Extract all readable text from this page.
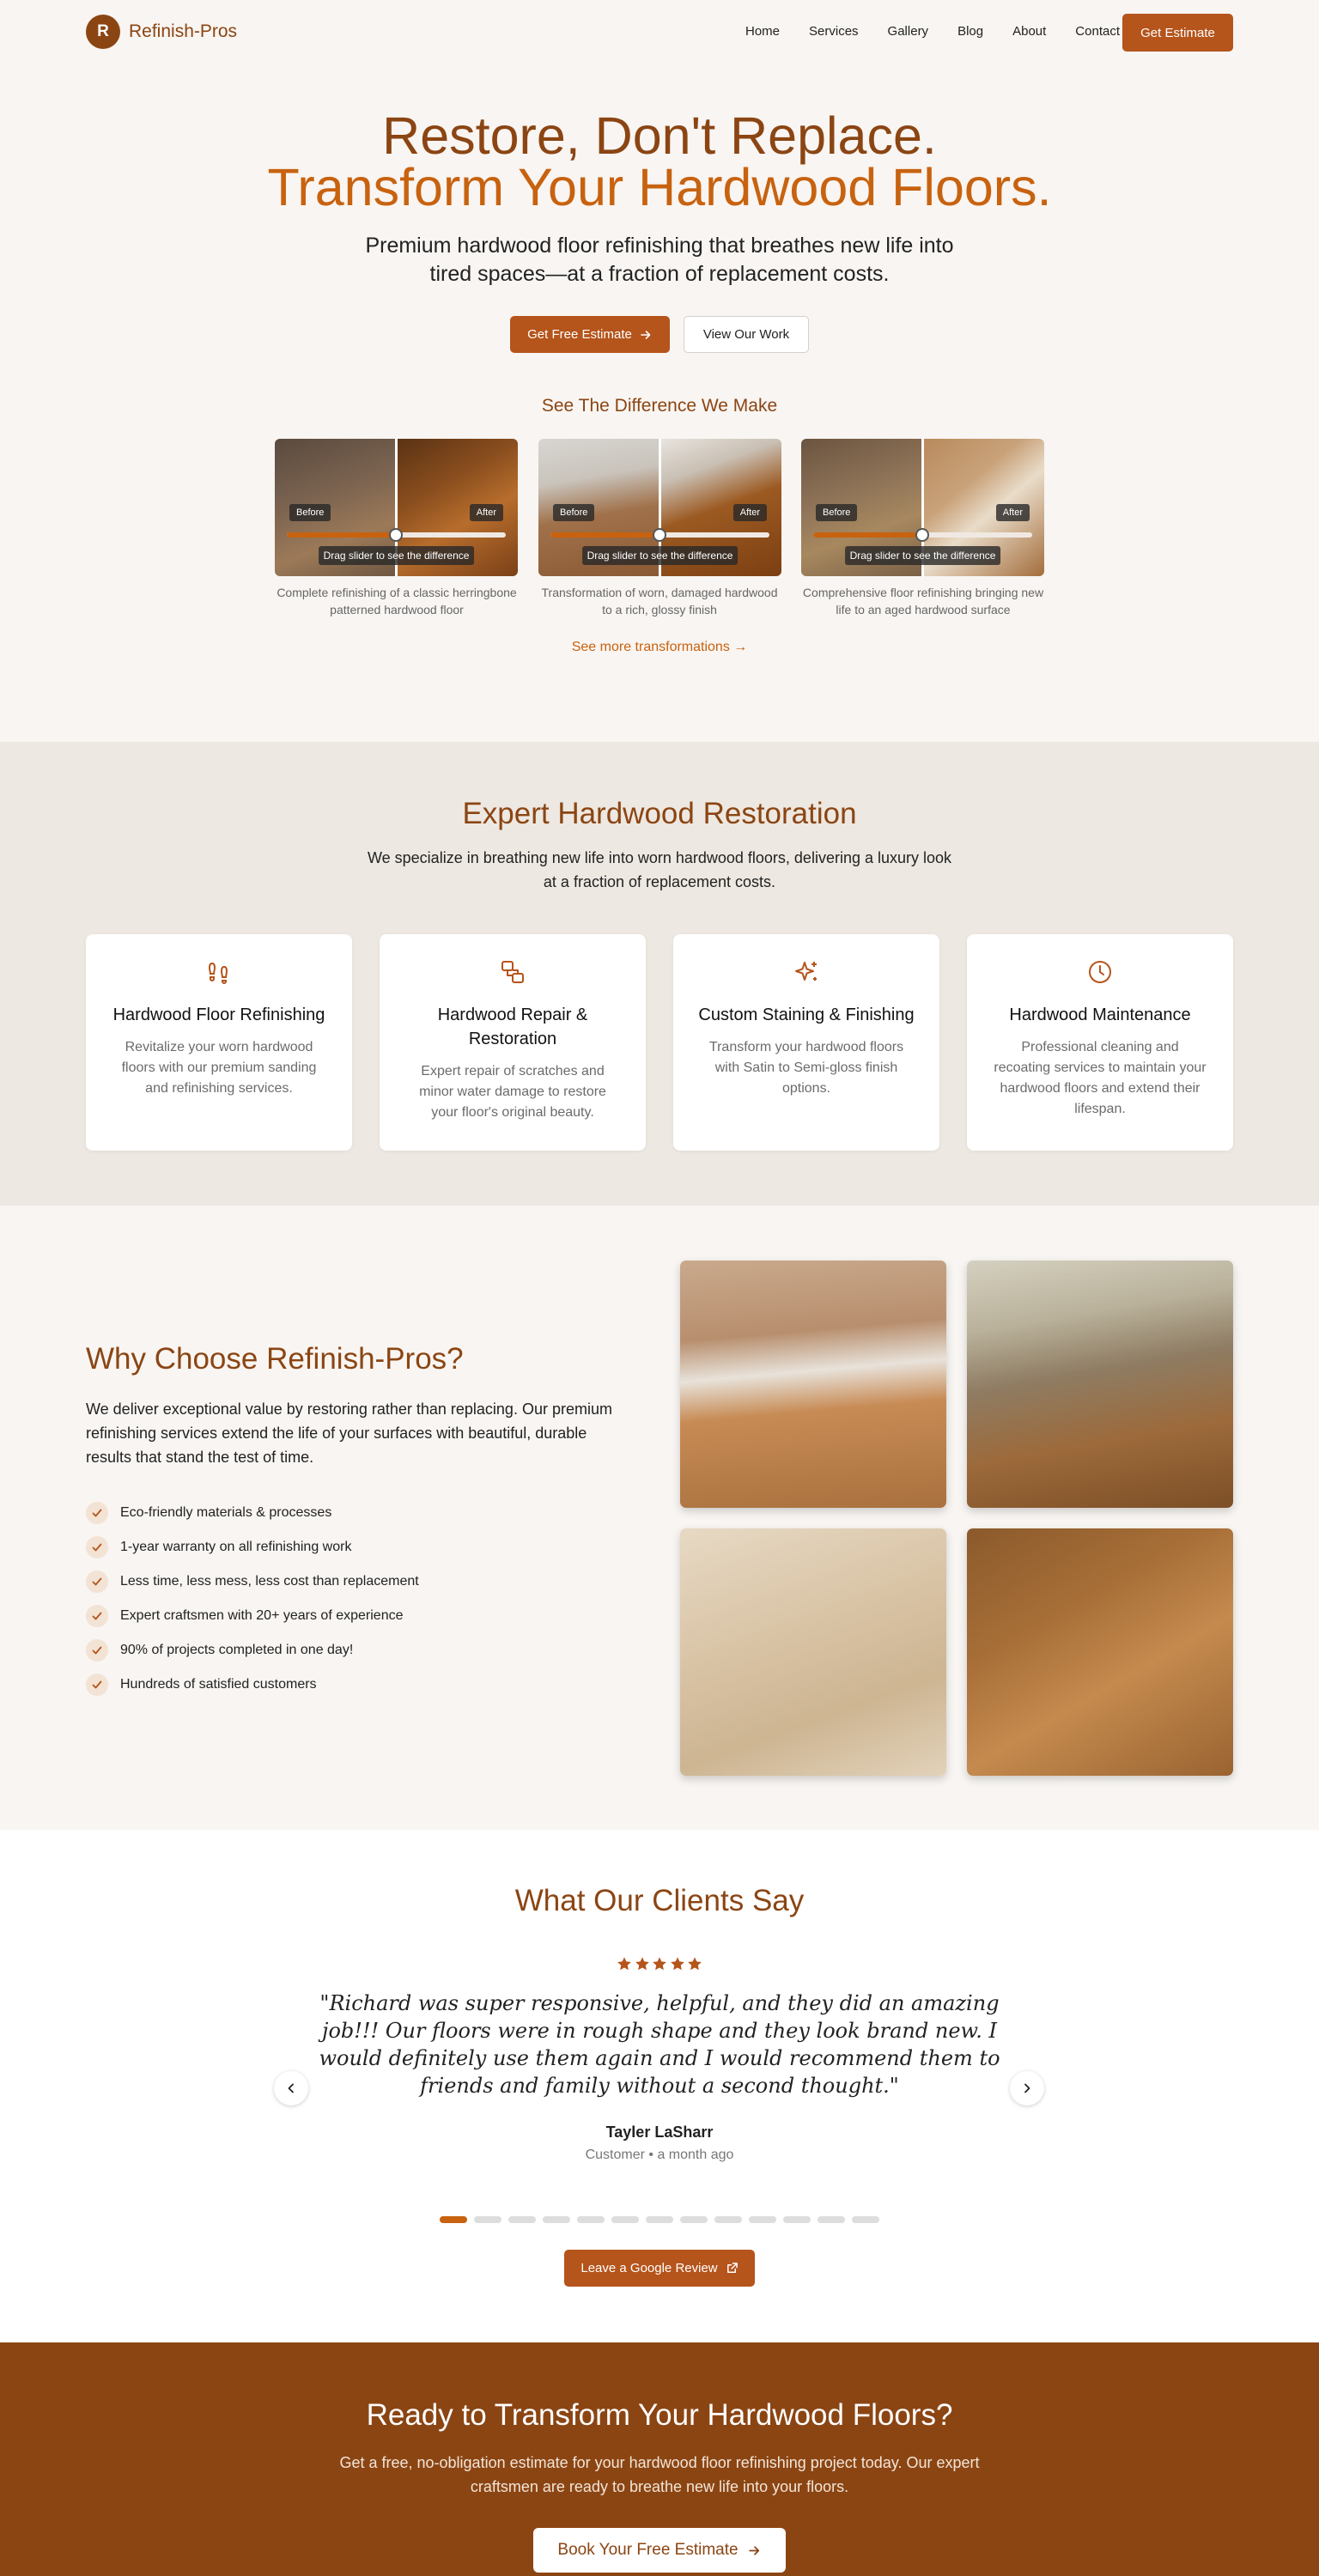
R	Refinish-Pros	Home Services Gallery Blog About Contact	Get Estimate
Restore, Don't Replace.
Transform Your Hardwood Floors.
Premium hardwood floor refinishing that breathes new life into tired spaces—at a fraction of replacement costs.
Get Free Estimate	View Our Work
See The Difference We Make
Before	After
Drag slider to see the difference
Before	After
Drag slider to see the difference
Before	After
Drag slider to see the difference
Complete refinishing of a classic herringbone patterned hardwood floor
Transformation of worn, damaged hardwood to a rich, glossy finish
Comprehensive floor refinishing bringing new life to an aged hardwood surface
See more transformations →
Expert Hardwood Restoration
We specialize in breathing new life into worn hardwood floors, delivering a luxury look at a fraction of replacement costs.
Hardwood Floor Refinishing
Revitalize your worn hardwood floors with our premium sanding and refinishing services.
Hardwood Repair & Restoration
Expert repair of scratches and minor water damage to restore your floor's original beauty.
Custom Staining & Finishing
Transform your hardwood floors with Satin to Semi-gloss finish options.
Hardwood Maintenance
Professional cleaning and recoating services to maintain your hardwood floors and extend their lifespan.
Why Choose Refinish-Pros?
We deliver exceptional value by restoring rather than replacing. Our premium refinishing services extend the life of your surfaces with beautiful, durable results that stand the test of time.
Eco-friendly materials & processes
1-year warranty on all refinishing work
Less time, less mess, less cost than replacement
Expert craftsmen with 20+ years of experience
90% of projects completed in one day!
Hundreds of satisfied customers
What Our Clients Say
"Richard was super responsive, helpful, and they did an amazing job!!! Our floors were in rough shape and they look brand new. I would definitely use them again and I would recommend them to friends and family without a second thought."
Tayler LaSharr
Customer • a month ago
Leave a Google Review
Ready to Transform Your Hardwood Floors?
Get a free, no-obligation estimate for your hardwood floor refinishing project today. Our expert craftsmen are ready to breathe new life into your floors.
Book Your Free Estimate
